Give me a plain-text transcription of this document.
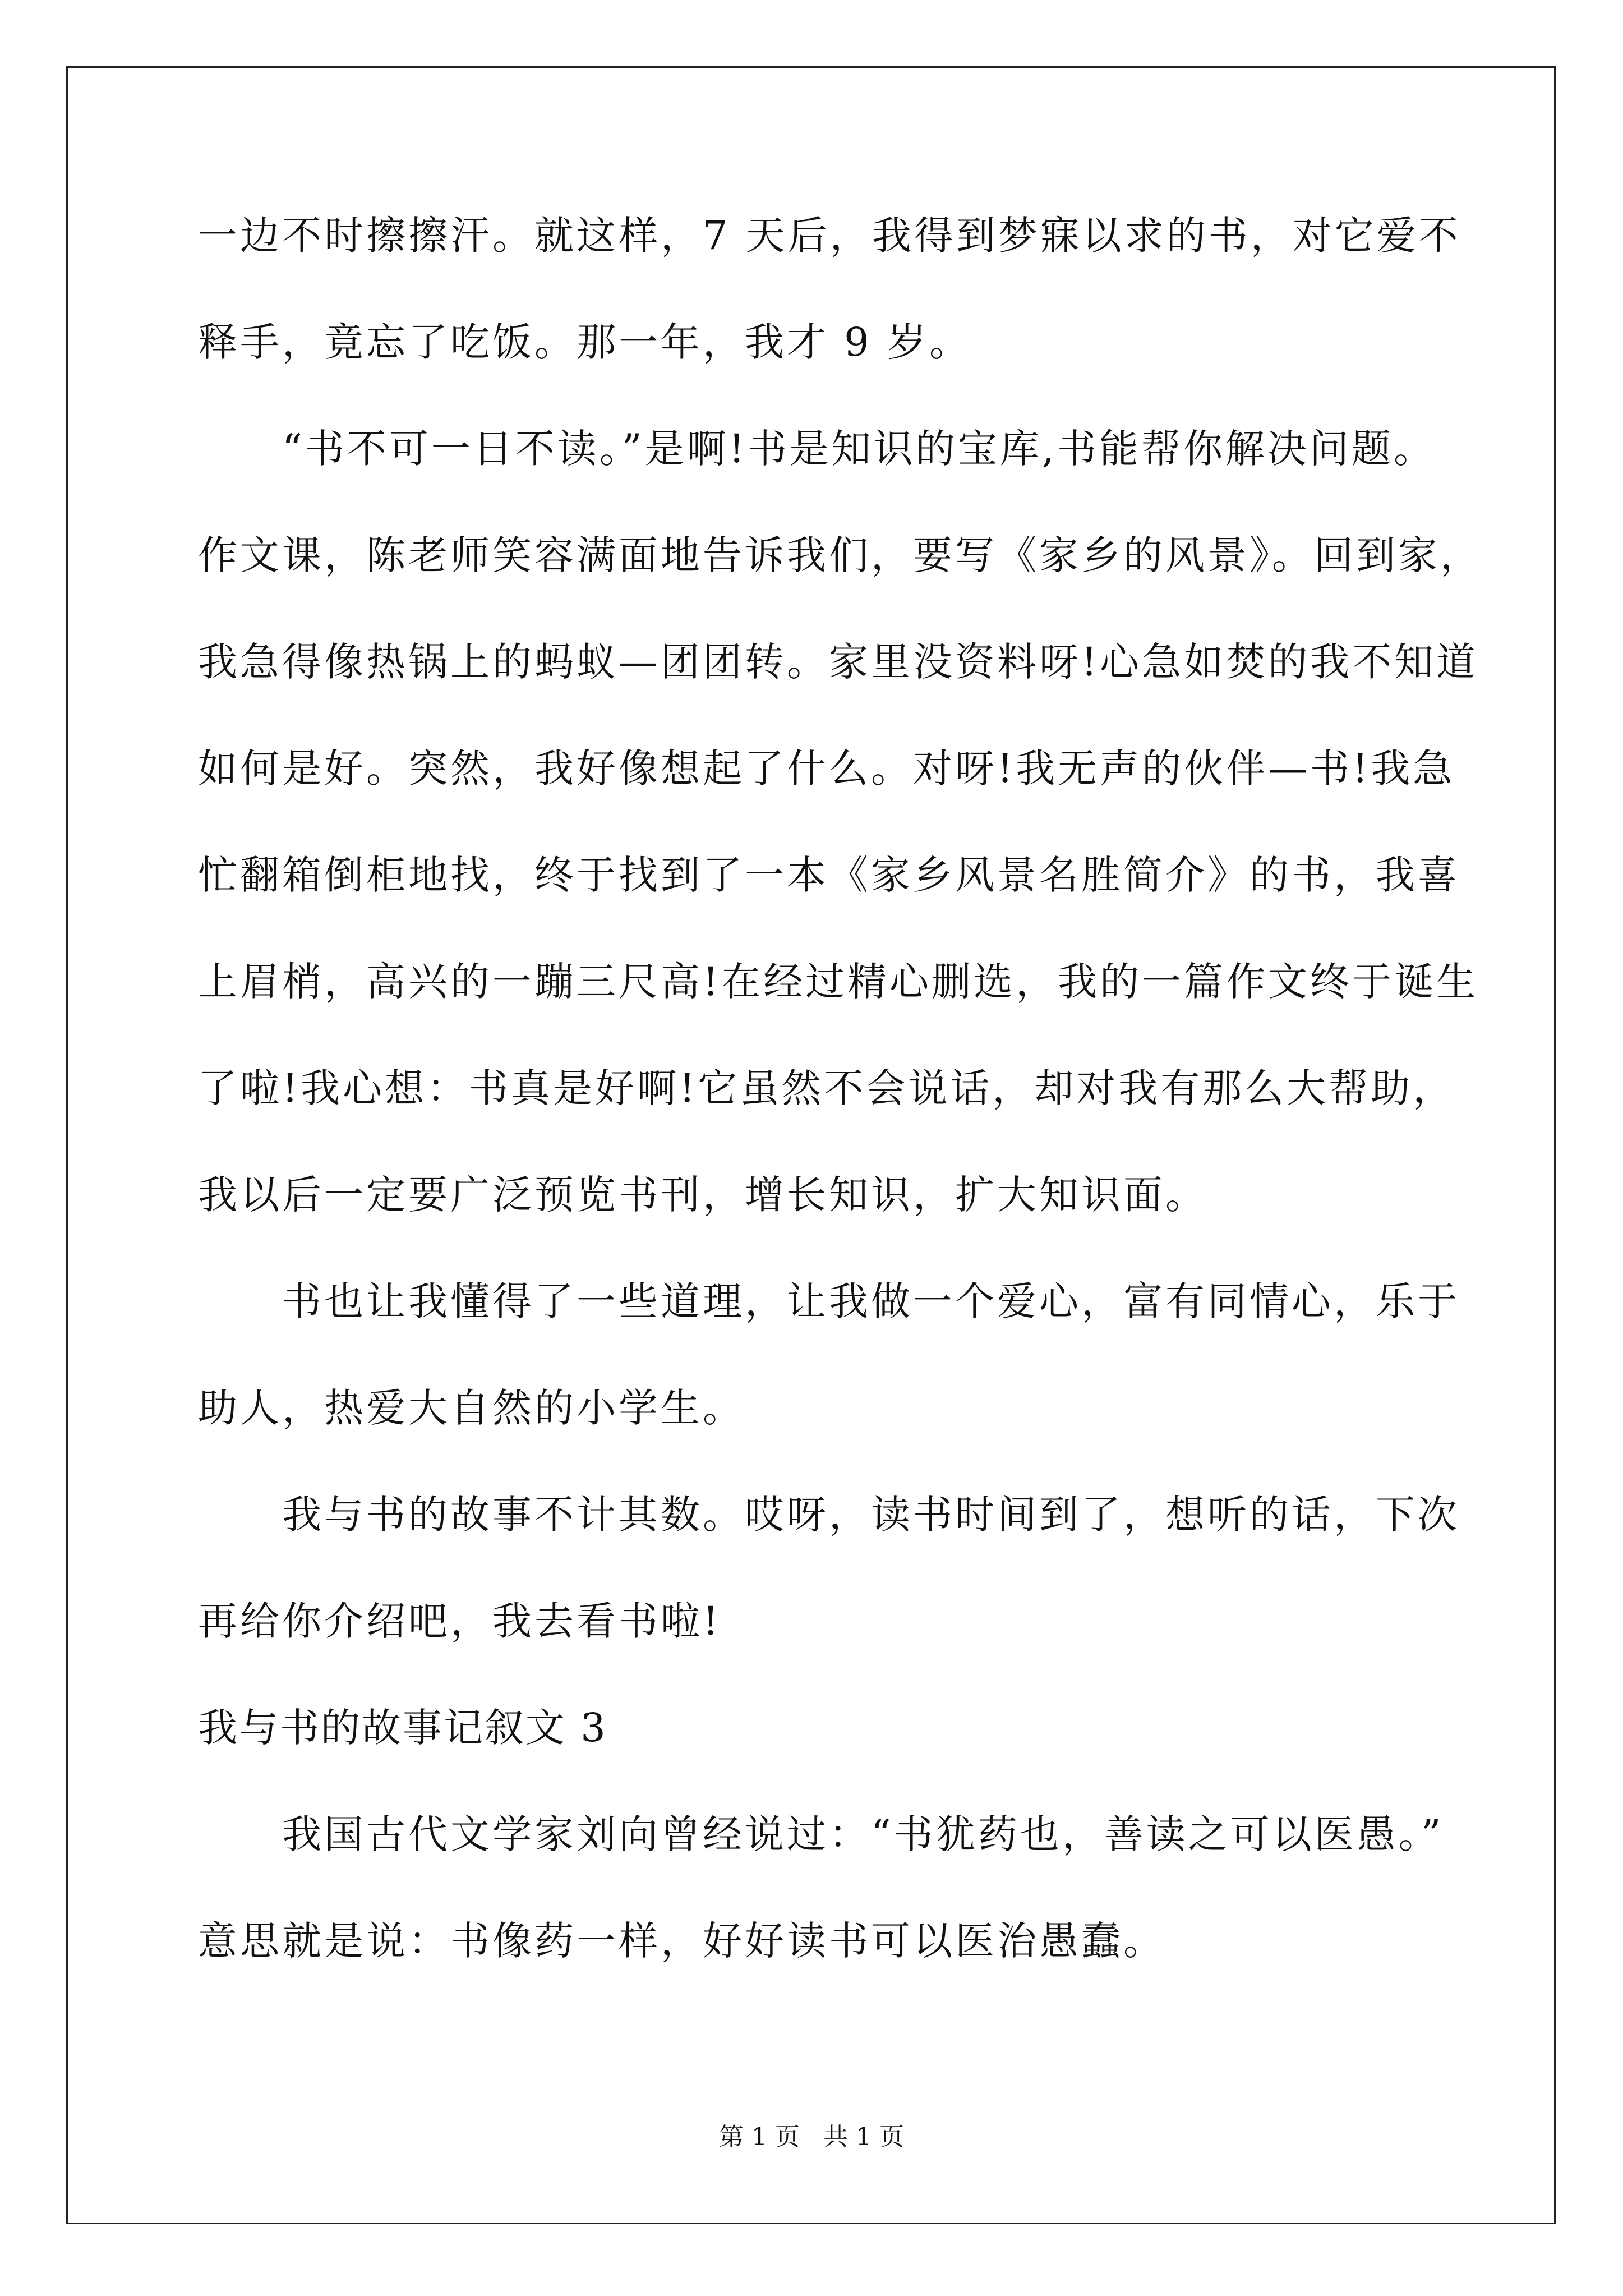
一边不时擦擦汗。就这样，7 天后，我得到梦寐以求的书，对它爱不
释手，竟忘了吃饭。那一年，我才 9 岁。
“书不可一日不读。”是啊!书是知识的宝库,书能帮你解决问题。
作文课，陈老师笑容满面地告诉我们，要写《家乡的风景》。回到家，
我急得像热锅上的蚂蚁—团团转。家里没资料呀!心急如焚的我不知道
如何是好。突然，我好像想起了什么。对呀!我无声的伙伴—书!我急
忙翻箱倒柜地找，终于找到了一本《家乡风景名胜简介》的书，我喜
上眉梢，高兴的一蹦三尺高!在经过精心删选，我的一篇作文终于诞生
了啦!我心想：书真是好啊!它虽然不会说话，却对我有那么大帮助，
我以后一定要广泛预览书刊，增长知识，扩大知识面。
书也让我懂得了一些道理，让我做一个爱心，富有同情心，乐于
助人，热爱大自然的小学生。
我与书的故事不计其数。哎呀，读书时间到了，想听的话，下次
再给你介绍吧，我去看书啦!
我与书的故事记叙文 3
我国古代文学家刘向曾经说过：“书犹药也，善读之可以医愚。”
意思就是说：书像药一样，好好读书可以医治愚蠢。
第 1 页   共 1 页
